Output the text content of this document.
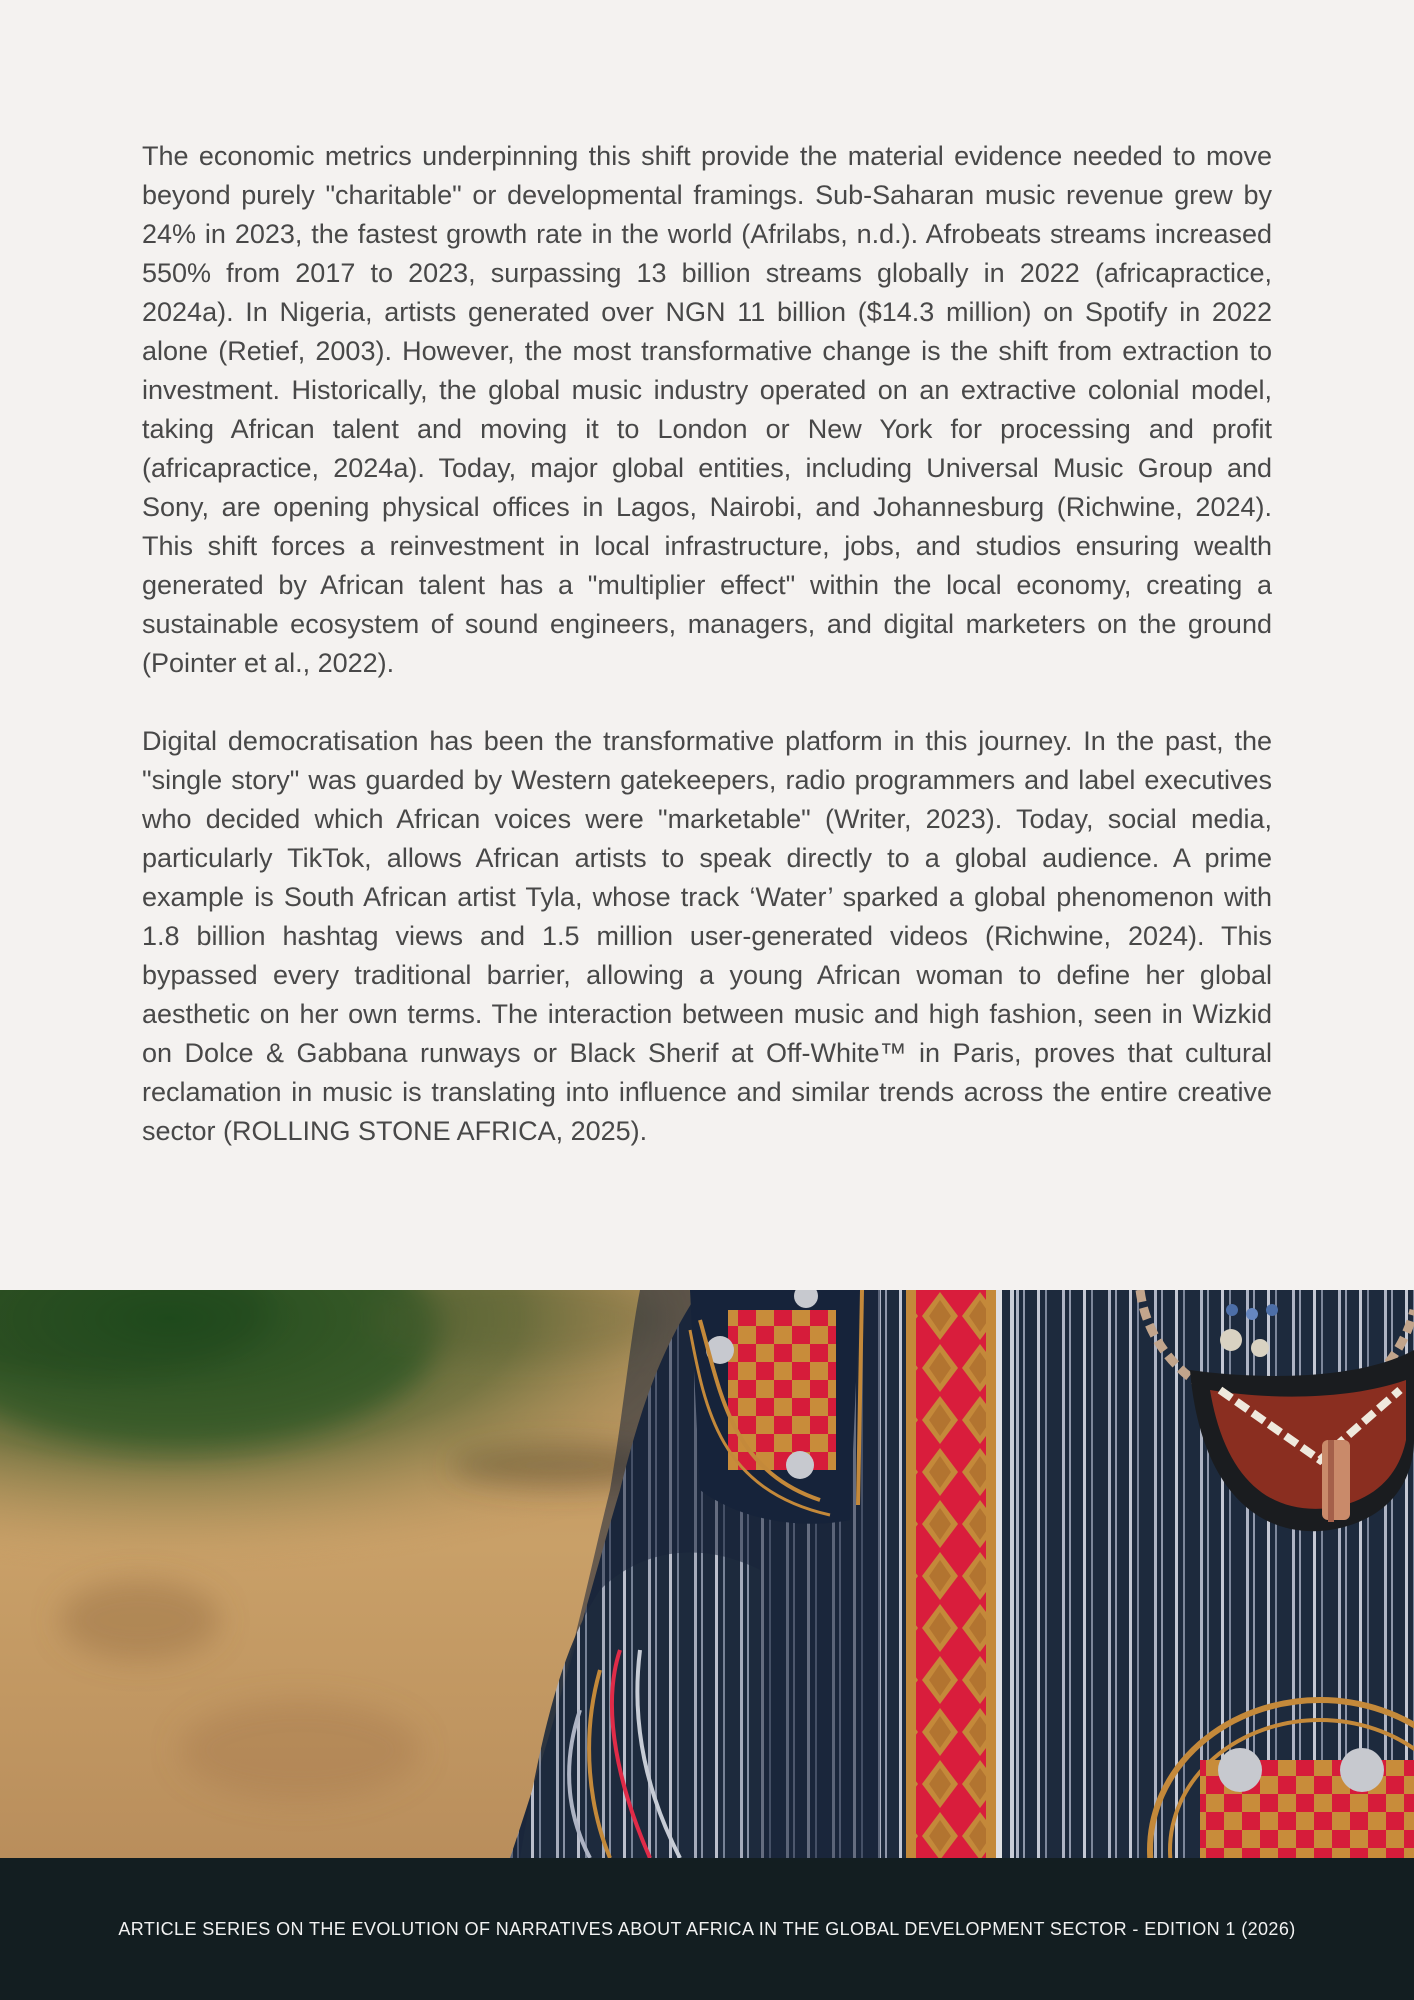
The economic metrics underpinning this shift provide the material evidence needed to move beyond purely "charitable" or developmental framings. Sub-Saharan music revenue grew by 24% in 2023, the fastest growth rate in the world (Afrilabs, n.d.). Afrobeats streams increased 550% from 2017 to 2023, surpassing 13 billion streams globally in 2022 (africapractice, 2024a). In Nigeria, artists generated over NGN 11 billion ($14.3 million) on Spotify in 2022 alone (Retief, 2003). However, the most transformative change is the shift from extraction to investment. Historically, the global music industry operated on an extractive colonial model, taking African talent and moving it to London or New York for processing and profit (africapractice, 2024a). Today, major global entities, including Universal Music Group and Sony, are opening physical offices in Lagos, Nairobi, and Johannesburg (Richwine, 2024). This shift forces a reinvestment in local infrastructure, jobs, and studios ensuring wealth generated by African talent has a "multiplier effect" within the local economy, creating a sustainable ecosystem of sound engineers, managers, and digital marketers on the ground (Pointer et al., 2022).

Digital democratisation has been the transformative platform in this journey. In the past, the "single story" was guarded by Western gatekeepers, radio programmers and label executives who decided which African voices were "marketable" (Writer, 2023). Today, social media, particularly TikTok, allows African artists to speak directly to a global audience. A prime example is South African artist Tyla, whose track ‘Water’ sparked a global phenomenon with 1.8 billion hashtag views and 1.5 million user-generated videos (Richwine, 2024). This bypassed every traditional barrier, allowing a young African woman to define her global aesthetic on her own terms. The interaction between music and high fashion, seen in Wizkid on Dolce & Gabbana runways or Black Sherif at Off-White™ in Paris, proves that cultural reclamation in music is translating into influence and similar trends across the entire creative sector (ROLLING STONE AFRICA, 2025).

ARTICLE SERIES ON THE EVOLUTION OF NARRATIVES ABOUT AFRICA IN THE GLOBAL DEVELOPMENT SECTOR - EDITION 1 (2026)
